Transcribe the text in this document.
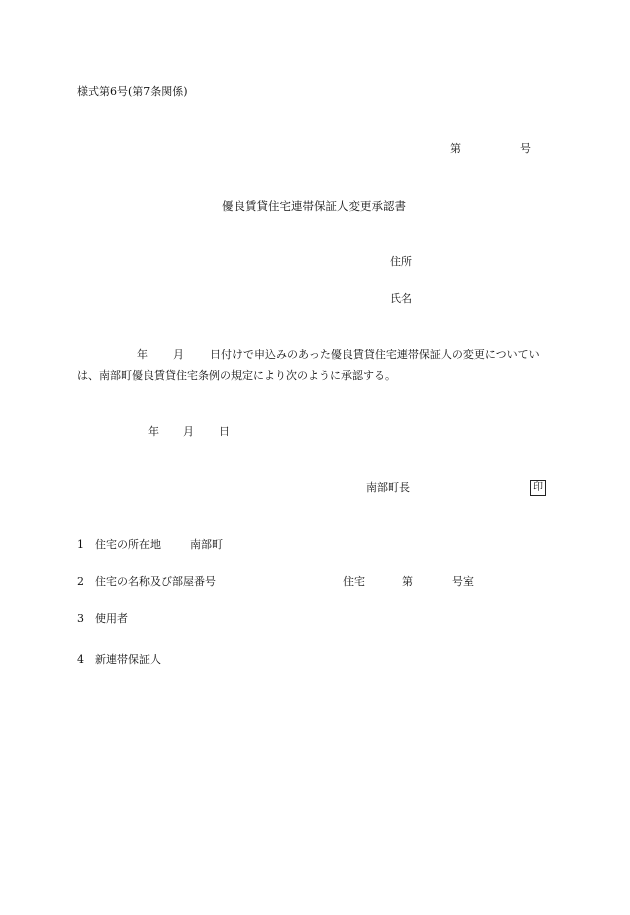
様式第6号(第7条関係)
第	号
優良賃貸住宅連帯保証人変更承認書
住所
氏名
年 月 日付けで申込みのあった優良賃貸住宅連帯保証人の変更についてい
は、南部町優良賃貸住宅条例の規定により次のように承認する。
年 月 日
南部町長	印
1 住宅の所在地	南部町
2 住宅の名称及び部屋番号	住宅	第	号室
3 使用者
4 新連帯保証人
